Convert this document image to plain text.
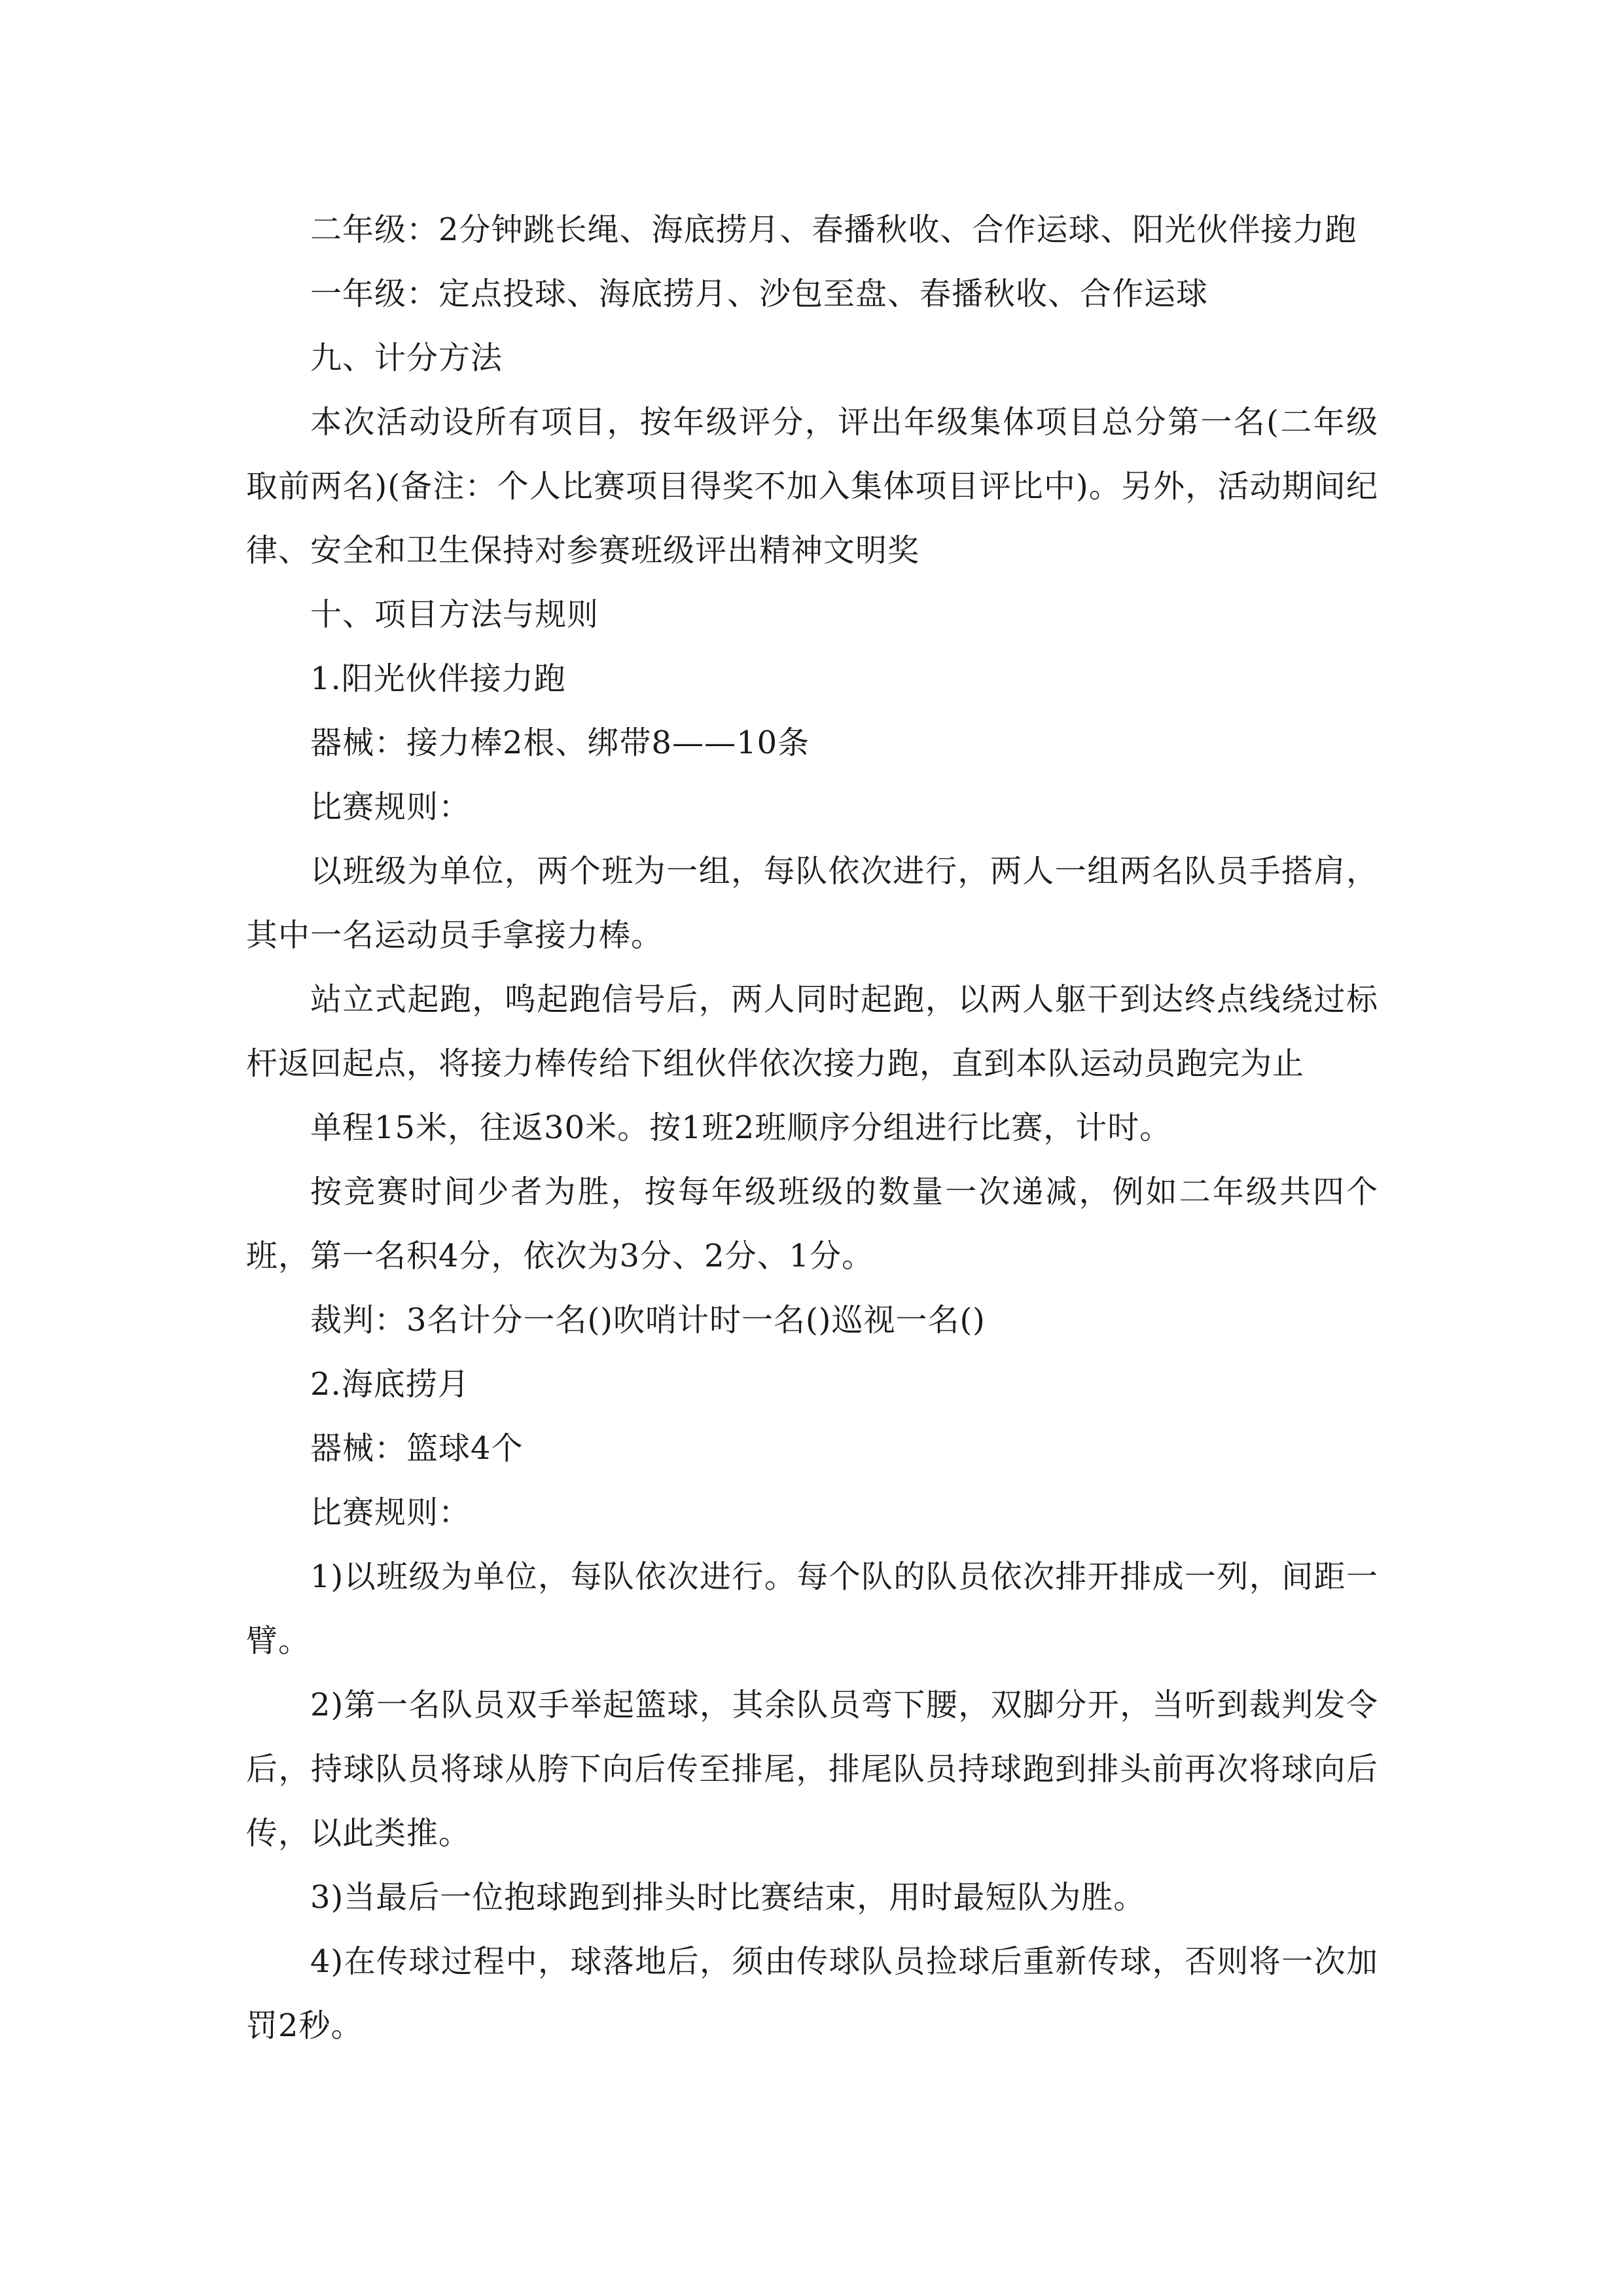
二年级：2分钟跳长绳、海底捞月、春播秋收、合作运球、阳光伙伴接力跑

一年级：定点投球、海底捞月、沙包至盘、春播秋收、合作运球

九、计分方法

本次活动设所有项目，按年级评分，评出年级集体项目总分第一名(二年级取前两名)(备注：个人比赛项目得奖不加入集体项目评比中)。另外，活动期间纪律、安全和卫生保持对参赛班级评出精神文明奖

十、项目方法与规则

1.阳光伙伴接力跑

器械：接力棒2根、绑带8——10条

比赛规则：

以班级为单位，两个班为一组，每队依次进行，两人一组两名队员手搭肩，其中一名运动员手拿接力棒。

站立式起跑，鸣起跑信号后，两人同时起跑，以两人躯干到达终点线绕过标杆返回起点，将接力棒传给下组伙伴依次接力跑，直到本队运动员跑完为止

单程15米，往返30米。按1班2班顺序分组进行比赛，计时。

按竞赛时间少者为胜，按每年级班级的数量一次递减，例如二年级共四个班，第一名积4分，依次为3分、2分、1分。

裁判：3名计分一名()吹哨计时一名()巡视一名()

2.海底捞月

器械：篮球4个

比赛规则：

1)以班级为单位，每队依次进行。每个队的队员依次排开排成一列，间距一臂。

2)第一名队员双手举起篮球，其余队员弯下腰，双脚分开，当听到裁判发令后，持球队员将球从胯下向后传至排尾，排尾队员持球跑到排头前再次将球向后传，以此类推。

3)当最后一位抱球跑到排头时比赛结束，用时最短队为胜。

4)在传球过程中，球落地后，须由传球队员捡球后重新传球，否则将一次加罚2秒。
